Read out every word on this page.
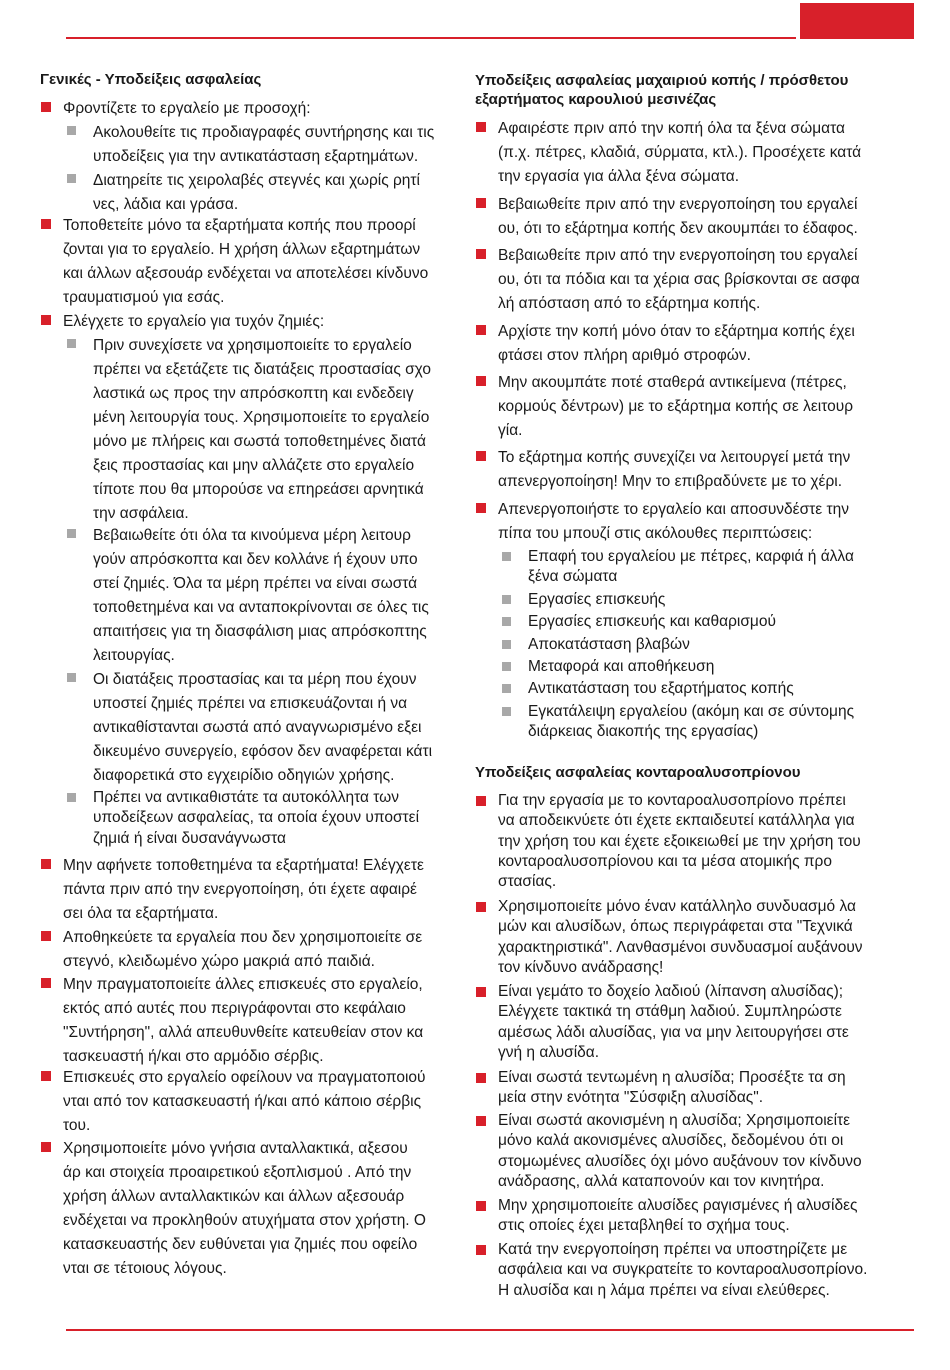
Γενικές - Υποδείξεις ασφαλείας
Φροντίζετε το εργαλείο με προσοχή:
Ακολουθείτε τις προδιαγραφές συντήρησης και τις
υποδείξεις για την αντικατάσταση εξαρτημάτων.
Διατηρείτε τις χειρολαβές στεγνές και χωρίς ρητί
νες, λάδια και γράσα.
Τοποθετείτε μόνο τα εξαρτήματα κοπής που προορί
ζονται για το εργαλείο. Η χρήση άλλων εξαρτημάτων
και άλλων αξεσουάρ ενδέχεται να αποτελέσει κίνδυνο
τραυματισμού για εσάς.
Ελέγχετε το εργαλείο για τυχόν ζημιές:
Πριν συνεχίσετε να χρησιμοποιείτε το εργαλείο
πρέπει να εξετάζετε τις διατάξεις προστασίας σχο
λαστικά ως προς την απρόσκοπτη και ενδεδειγ
μένη λειτουργία τους. Χρησιμοποιείτε το εργαλείο
μόνο με πλήρεις και σωστά τοποθετημένες διατά
ξεις προστασίας και μην αλλάζετε στο εργαλείο
τίποτε που θα μπορούσε να επηρεάσει αρνητικά
την ασφάλεια.
Βεβαιωθείτε ότι όλα τα κινούμενα μέρη λειτουρ
γούν απρόσκοπτα και δεν κολλάνε ή έχουν υπο
στεί ζημιές. Όλα τα μέρη πρέπει να είναι σωστά
τοποθετημένα και να ανταποκρίνονται σε όλες τις
απαιτήσεις για τη διασφάλιση μιας απρόσκοπτης
λειτουργίας.
Οι διατάξεις προστασίας και τα μέρη που έχουν
υποστεί ζημιές πρέπει να επισκευάζονται ή να
αντικαθίστανται σωστά από αναγνωρισμένο εξει
δικευμένο συνεργείο, εφόσον δεν αναφέρεται κάτι
διαφορετικά στο εγχειρίδιο οδηγιών χρήσης.
Πρέπει να αντικαθιστάτε τα αυτοκόλλητα των
υποδείξεων ασφαλείας, τα οποία έχουν υποστεί
ζημιά ή είναι δυσανάγνωστα
Μην αφήνετε τοποθετημένα τα εξαρτήματα! Ελέγχετε
πάντα πριν από την ενεργοποίηση, ότι έχετε αφαιρέ
σει όλα τα εξαρτήματα.
Αποθηκεύετε τα εργαλεία που δεν χρησιμοποιείτε σε
στεγνό, κλειδωμένο χώρο μακριά από παιδιά.
Μην πραγματοποιείτε άλλες επισκευές στο εργαλείο,
εκτός από αυτές που περιγράφονται στο κεφάλαιο
"Συντήρηση", αλλά απευθυνθείτε κατευθείαν στον κα
τασκευαστή ή/και στο αρμόδιο σέρβις.
Επισκευές στο εργαλείο οφείλουν να πραγματοποιού
νται από τον κατασκευαστή ή/και από κάποιο σέρβις
του.
Χρησιμοποιείτε μόνο γνήσια ανταλλακτικά, αξεσου
άρ και στοιχεία προαιρετικού εξοπλισμού . Από την
χρήση άλλων ανταλλακτικών και άλλων αξεσουάρ
ενδέχεται να προκληθούν ατυχήματα στον χρήστη. Ο
κατασκευαστής δεν ευθύνεται για ζημιές που οφείλο
νται σε τέτοιους λόγους.
Υποδείξεις ασφαλείας μαχαιριού κοπής / πρόσθετου
εξαρτήματος καρουλιού μεσινέζας
Αφαιρέστε πριν από την κοπή όλα τα ξένα σώματα
(π.χ. πέτρες, κλαδιά, σύρματα, κτλ.). Προσέχετε κατά
την εργασία για άλλα ξένα σώματα.
Βεβαιωθείτε πριν από την ενεργοποίηση του εργαλεί
ου, ότι το εξάρτημα κοπής δεν ακουμπάει το έδαφος.
Βεβαιωθείτε πριν από την ενεργοποίηση του εργαλεί
ου, ότι τα πόδια και τα χέρια σας βρίσκονται σε ασφα
λή απόσταση από το εξάρτημα κοπής.
Αρχίστε την κοπή μόνο όταν το εξάρτημα κοπής έχει
φτάσει στον πλήρη αριθμό στροφών.
Μην ακουμπάτε ποτέ σταθερά αντικείμενα (πέτρες,
κορμούς δέντρων) με το εξάρτημα κοπής σε λειτουρ
γία.
Το εξάρτημα κοπής συνεχίζει να λειτουργεί μετά την
απενεργοποίηση! Μην το επιβραδύνετε με το χέρι.
Απενεργοποιήστε το εργαλείο και αποσυνδέστε την
πίπα του μπουζί στις ακόλουθες περιπτώσεις:
Επαφή του εργαλείου με πέτρες, καρφιά ή άλλα
ξένα σώματα
Εργασίες επισκευής
Εργασίες επισκευής και καθαρισμού
Αποκατάσταση βλαβών
Μεταφορά και αποθήκευση
Αντικατάσταση του εξαρτήματος κοπής
Εγκατάλειψη εργαλείου (ακόμη και σε σύντομης
διάρκειας διακοπής της εργασίας)
Υποδείξεις ασφαλείας κονταροαλυσοπρίονου
Για την εργασία με το κονταροαλυσοπρίονο πρέπει
να αποδεικνύετε ότι έχετε εκπαιδευτεί κατάλληλα για
την χρήση του και έχετε εξοικειωθεί με την χρήση του
κονταροαλυσοπρίονου και τα μέσα ατομικής προ
στασίας.
Χρησιμοποιείτε μόνο έναν κατάλληλο συνδυασμό λα
μών και αλυσίδων, όπως περιγράφεται στα "Τεχνικά
χαρακτηριστικά". Λανθασμένοι συνδυασμοί αυξάνουν
τον κίνδυνο ανάδρασης!
Είναι γεμάτο το δοχείο λαδιού (λίπανση αλυσίδας);
Ελέγχετε τακτικά τη στάθμη λαδιού. Συμπληρώστε
αμέσως λάδι αλυσίδας, για να μην λειτουργήσει στε
γνή η αλυσίδα.
Είναι σωστά τεντωμένη η αλυσίδα; Προσέξτε τα ση
μεία στην ενότητα "Σύσφιξη αλυσίδας".
Είναι σωστά ακονισμένη η αλυσίδα; Χρησιμοποιείτε
μόνο καλά ακονισμένες αλυσίδες, δεδομένου ότι οι
στομωμένες αλυσίδες όχι μόνο αυξάνουν τον κίνδυνο
ανάδρασης, αλλά καταπονούν και τον κινητήρα.
Μην χρησιμοποιείτε αλυσίδες ραγισμένες ή αλυσίδες
στις οποίες έχει μεταβληθεί το σχήμα τους.
Κατά την ενεργοποίηση πρέπει να υποστηρίζετε με
ασφάλεια και να συγκρατείτε το κονταροαλυσοπρίονο.
Η αλυσίδα και η λάμα πρέπει να είναι ελεύθερες.
